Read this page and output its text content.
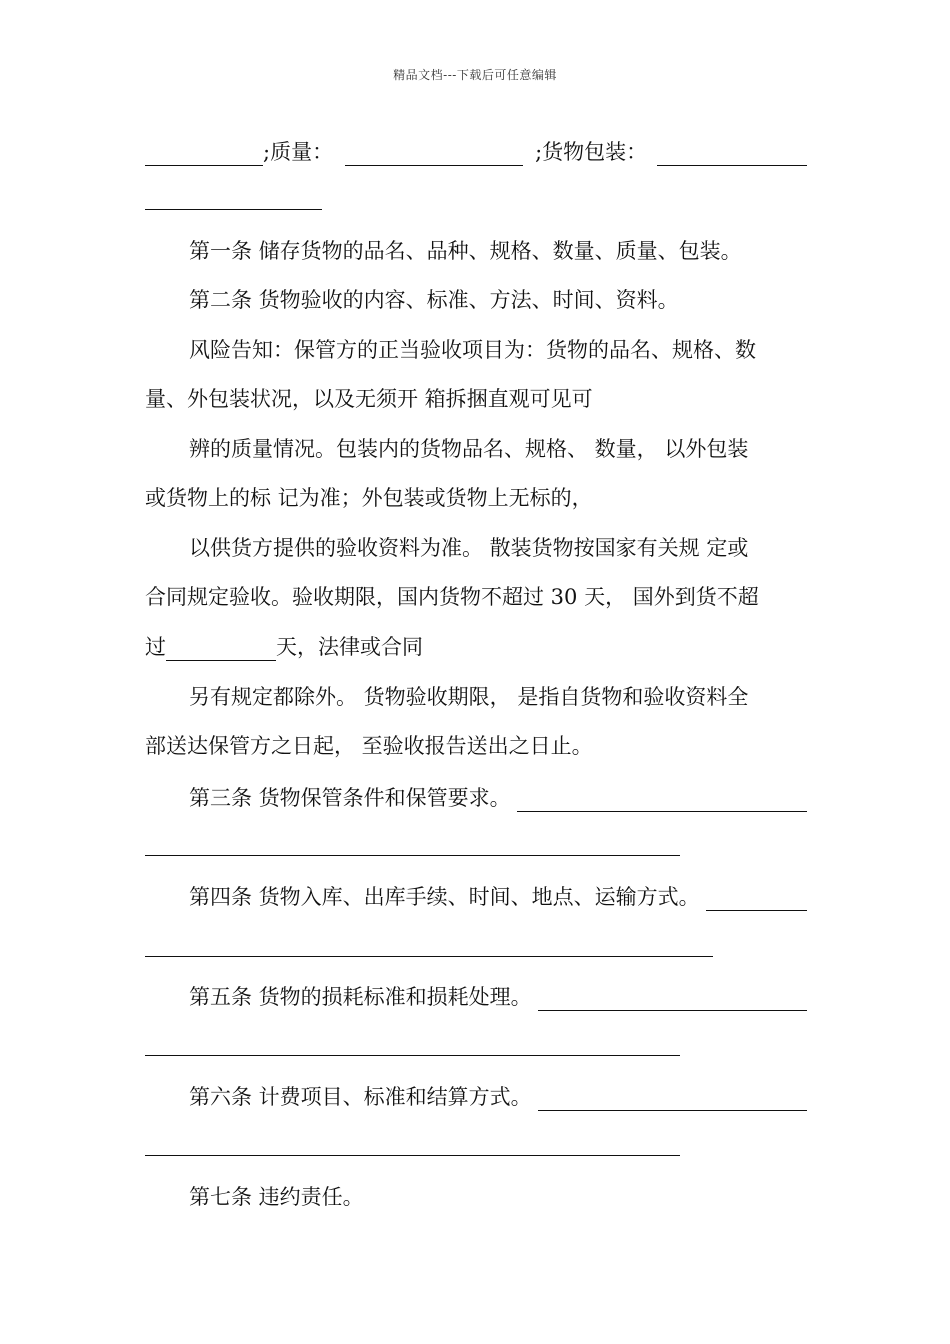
精品文档---下载后可任意编辑
;质量：	;货物包装：
第一条 储存货物的品名、品种、规格、数量、质量、包装。
第二条 货物验收的内容、标准、方法、时间、资料。
风险告知：保管方的正当验收项目为：货物的品名、规格、数
量、外包装状况，以及无须开 箱拆捆直观可见可
辨的质量情况。包装内的货物品名、规格、 数量， 以外包装
或货物上的标 记为准；外包装或货物上无标的，
以供货方提供的验收资料为准。 散装货物按国家有关规 定或
合同规定验收。验收期限，国内货物不超过 30 天， 国外到货不超
过	天，法律或合同
另有规定都除外。 货物验收期限， 是指自货物和验收资料全
部送达保管方之日起， 至验收报告送出之日止。
第三条 货物保管条件和保管要求。
第四条 货物入库、出库手续、时间、地点、运输方式。
第五条 货物的损耗标准和损耗处理。
第六条 计费项目、标准和结算方式。
第七条 违约责任。
